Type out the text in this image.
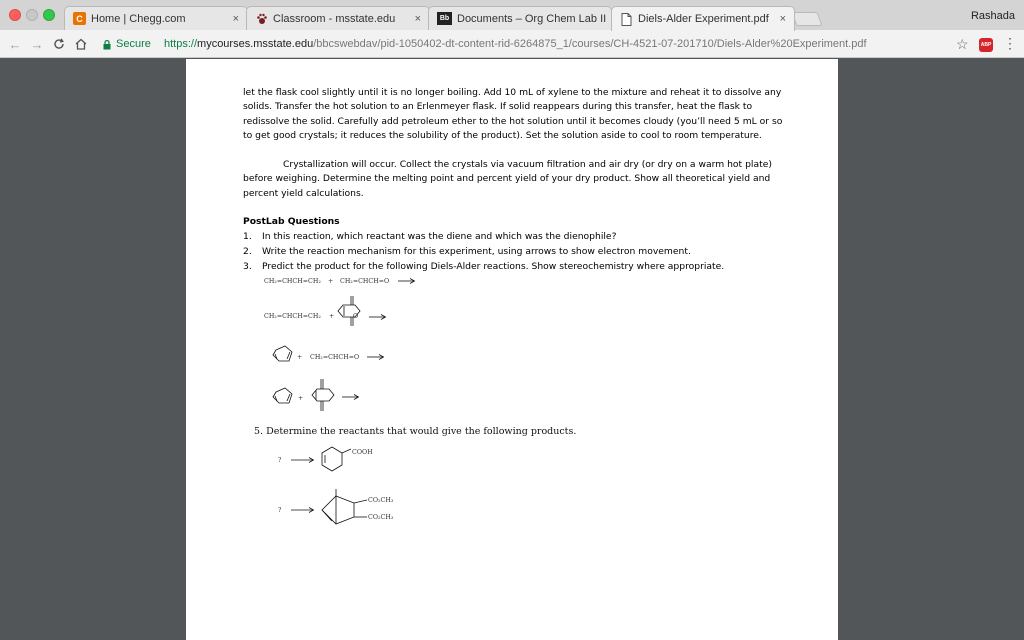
C Home | Chegg.com	×	Classroom - msstate.edu	×	Bb Documents – Org Chem Lab II	Diels-Alder Experiment.pdf ×	Rashada
← →	Secure https://mycourses.msstate.edu/bbcswebdav/pid-1050402-dt-content-rid-6264875_1/courses/CH-4521-07-201710/Diels-Alder%20Experiment.pdf	☆ ABP ⋮
let the flask cool slightly until it is no longer boiling. Add 10 mL of xylene to the mixture and reheat it to dissolve any solids. Transfer the hot solution to an Erlenmeyer flask. If solid reappears during this transfer, heat the flask to redissolve the solid. Carefully add petroleum ether to the hot solution until it becomes cloudy (you’ll need 5 mL or so to get good crystals; it reduces the solubility of the product). Set the solution aside to cool to room temperature.
Crystallization will occur. Collect the crystals via vacuum filtration and air dry (or dry on a warm hot plate) before weighing. Determine the melting point and percent yield of your dry product. Show all theoretical yield and percent yield calculations.
PostLab Questions
1. In this reaction, which reactant was the diene and which was the dienophile?
2. Write the reaction mechanism for this experiment, using arrows to show electron movement.
3. Predict the product for the following Diels-Alder reactions. Show stereochemistry where appropriate.
CH₂=CHCH=CH₂ + CH₂=CHCH=O
CH₂=CHCH=CH₂ +	O
+ CH₂=CHCH=O
+
5. Determine the reactants that would give the following products.
?
COOH
?
CO₂CH₃
CO₂CH₃
